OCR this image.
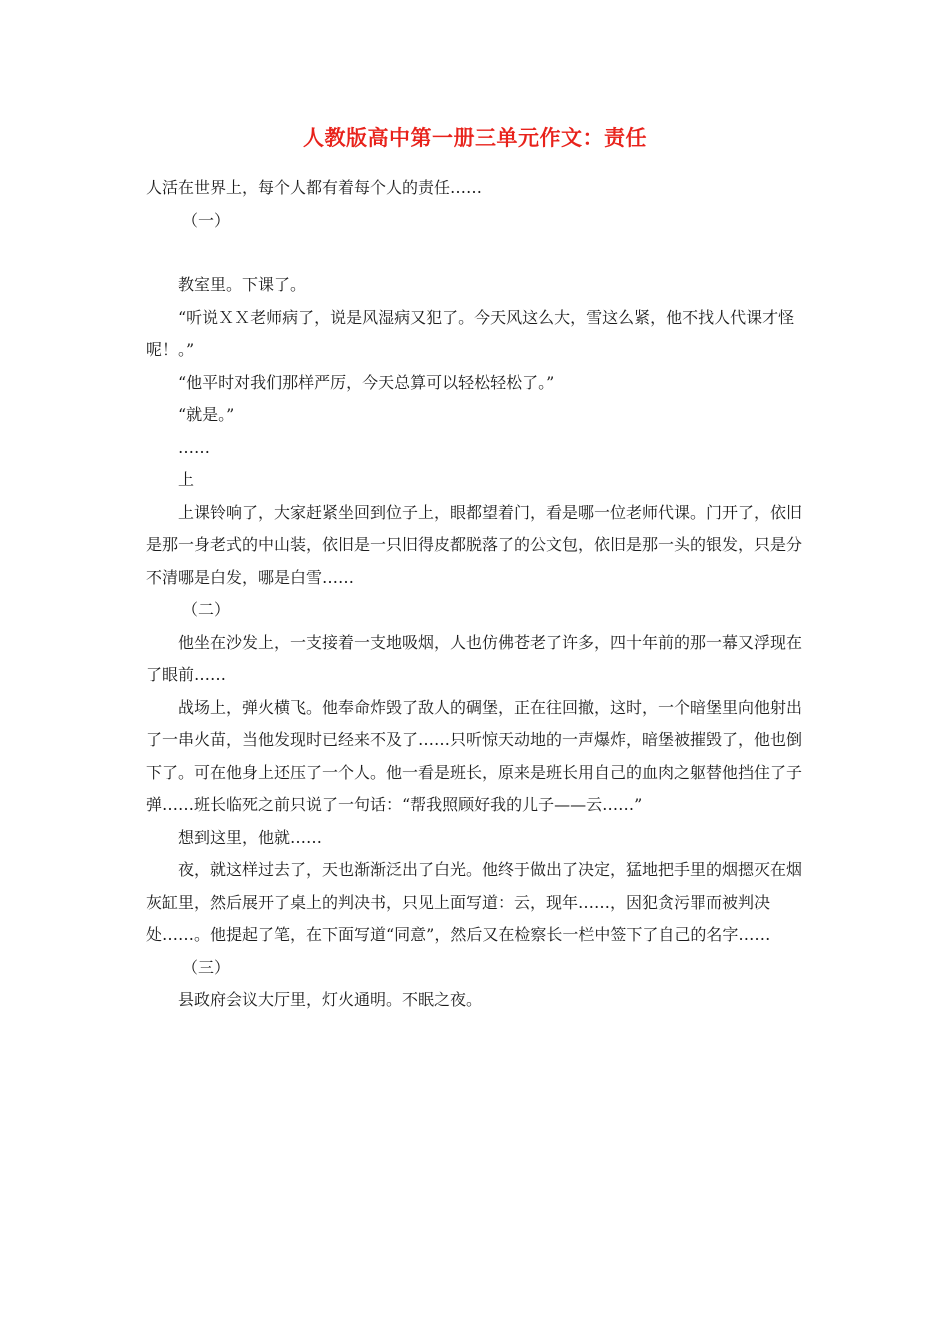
人教版高中第一册三单元作文：责任

人活在世界上，每个人都有着每个人的责任……

（一）

教室里。下课了。

“听说ＸＸ老师病了，说是风湿病又犯了。今天风这么大，雪这么紧，他不找人代课才怪呢！。”

“他平时对我们那样严厉，今天总算可以轻松轻松了。”

“就是。”

……

上

上课铃响了，大家赶紧坐回到位子上，眼都望着门，看是哪一位老师代课。门开了，依旧是那一身老式的中山装，依旧是一只旧得皮都脱落了的公文包，依旧是那一头的银发，只是分不清哪是白发，哪是白雪……

（二）

他坐在沙发上，一支接着一支地吸烟，人也仿佛苍老了许多，四十年前的那一幕又浮现在了眼前……

战场上，弹火横飞。他奉命炸毁了敌人的碉堡，正在往回撤，这时，一个暗堡里向他射出了一串火苗，当他发现时已经来不及了……只听惊天动地的一声爆炸，暗堡被摧毁了，他也倒下了。可在他身上还压了一个人。他一看是班长，原来是班长用自己的血肉之躯替他挡住了子弹……班长临死之前只说了一句话：“帮我照顾好我的儿子——云……”

想到这里，他就……

夜，就这样过去了，天也渐渐泛出了白光。他终于做出了决定，猛地把手里的烟摁灭在烟灰缸里，然后展开了桌上的判决书，只见上面写道：云，现年……，因犯贪污罪而被判决处……。他提起了笔，在下面写道“同意”，然后又在检察长一栏中签下了自己的名字……

（三）

县政府会议大厅里，灯火通明。不眠之夜。
